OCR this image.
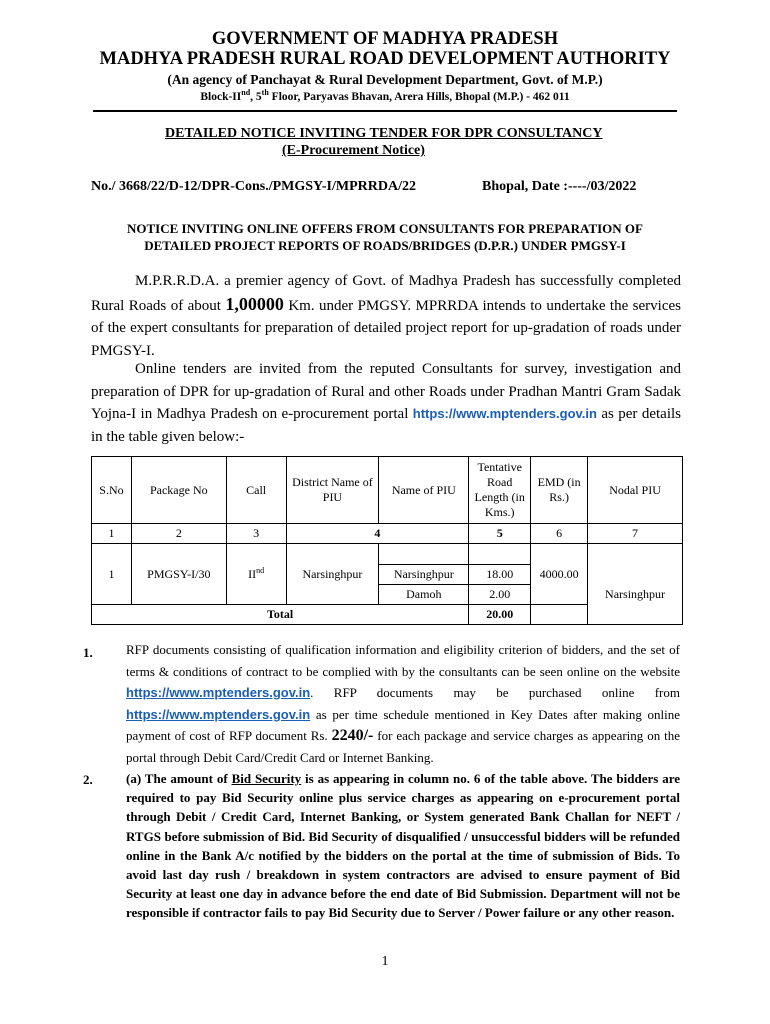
GOVERNMENT OF MADHYA PRADESH
MADHYA PRADESH RURAL ROAD DEVELOPMENT AUTHORITY
(An agency of Panchayat & Rural Development Department, Govt. of M.P.)
Block-IInd, 5th Floor, Paryavas Bhavan, Arera Hills, Bhopal (M.P.) - 462 011
DETAILED NOTICE INVITING TENDER FOR DPR CONSULTANCY
(E-Procurement Notice)
No./ 3668/22/D-12/DPR-Cons./PMGSY-I/MPRRDA/22	Bhopal, Date :----/03/2022
NOTICE INVITING ONLINE OFFERS FROM CONSULTANTS FOR PREPARATION OF
DETAILED PROJECT REPORTS OF ROADS/BRIDGES (D.P.R.) UNDER PMGSY-I
M.P.R.R.D.A. a premier agency of Govt. of Madhya Pradesh has successfully completed Rural Roads of about 1,00000 Km. under PMGSY. MPRRDA intends to undertake the services of the expert consultants for preparation of detailed project report for up-gradation of roads under PMGSY-I.
Online tenders are invited from the reputed Consultants for survey, investigation and preparation of DPR for up-gradation of Rural and other Roads under Pradhan Mantri Gram Sadak Yojna-I in Madhya Pradesh on e-procurement portal https://www.mptenders.gov.in as per details in the table given below:-
S.No	Package No	Call	District Name of PIU	Name of PIU	Tentative Road Length (in Kms.)	EMD (in Rs.)	Nodal PIU
1	2	3	4		5	6	7
1	PMGSY-I/30	IInd	Narsinghpur			4000.00	Narsinghpur
				Narsinghpur	18.00		
				Damoh	2.00		
Total					20.00		
1.	RFP documents consisting of qualification information and eligibility criterion of bidders, and the set of terms & conditions of contract to be complied with by the consultants can be seen online on the website https://www.mptenders.gov.in. RFP documents may be purchased online from https://www.mptenders.gov.in as per time schedule mentioned in Key Dates after making online payment of cost of RFP document Rs. 2240/- for each package and service charges as appearing on the portal through Debit Card/Credit Card or Internet Banking.
2.	(a) The amount of Bid Security is as appearing in column no. 6 of the table above. The bidders are required to pay Bid Security online plus service charges as appearing on e-procurement portal through Debit / Credit Card, Internet Banking, or System generated Bank Challan for NEFT / RTGS before submission of Bid. Bid Security of disqualified / unsuccessful bidders will be refunded online in the Bank A/c notified by the bidders on the portal at the time of submission of Bids. To avoid last day rush / breakdown in system contractors are advised to ensure payment of Bid Security at least one day in advance before the end date of Bid Submission. Department will not be responsible if contractor fails to pay Bid Security due to Server / Power failure or any other reason.
1
